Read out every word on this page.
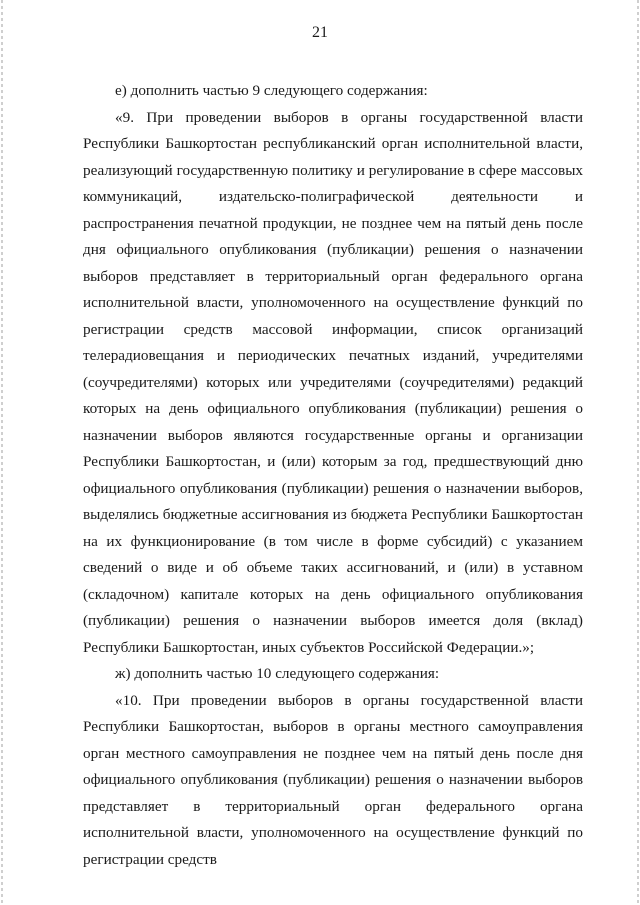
21

е) дополнить частью 9 следующего содержания:

«9. При проведении выборов в органы государственной власти Республики Башкортостан республиканский орган исполнительной власти, реализующий государственную политику и регулирование в сфере массовых коммуникаций, издательско-полиграфической деятельности и распространения печатной продукции, не позднее чем на пятый день после дня официального опубликования (публикации) решения о назначении выборов представляет в территориальный орган федерального органа исполнительной власти, уполномоченного на осуществление функций по регистрации средств массовой информации, список организаций телерадиовещания и периодических печатных изданий, учредителями (соучредителями) которых или учредителями (соучредителями) редакций которых на день официального опубликования (публикации) решения о назначении выборов являются государственные органы и организации Республики Башкортостан, и (или) которым за год, предшествующий дню официального опубликования (публикации) решения о назначении выборов, выделялись бюджетные ассигнования из бюджета Республики Башкортостан на их функционирование (в том числе в форме субсидий) с указанием сведений о виде и об объеме таких ассигнований, и (или) в уставном (складочном) капитале которых на день официального опубликования (публикации) решения о назначении выборов имеется доля (вклад) Республики Башкортостан, иных субъектов Российской Федерации.»;

ж) дополнить частью 10 следующего содержания:

«10. При проведении выборов в органы государственной власти Республики Башкортостан, выборов в органы местного самоуправления орган местного самоуправления не позднее чем на пятый день после дня официального опубликования (публикации) решения о назначении выборов представляет в территориальный орган федерального органа исполнительной власти, уполномоченного на осуществление функций по регистрации средств
